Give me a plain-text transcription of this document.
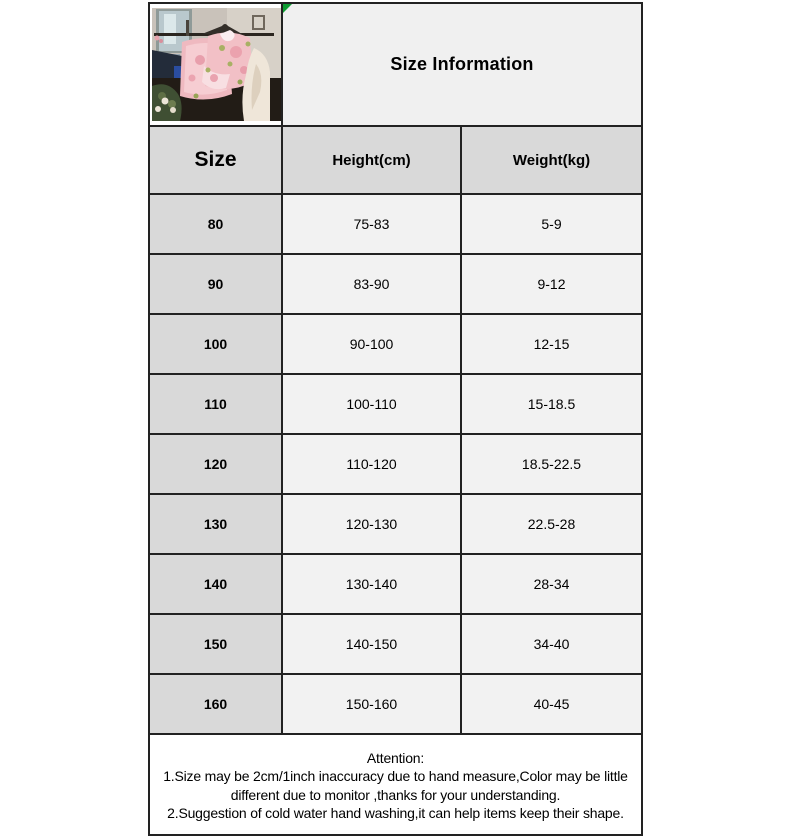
Size Information	
Size	Height(cm)	Weight(kg)
80	75-83	5-9
90	83-90	9-12
100	90-100	12-15
110	100-110	15-18.5
120	110-120	18.5-22.5
130	120-130	22.5-28
140	130-140	28-34
150	140-150	34-40
160	150-160	40-45

Attention:

1.Size may be 2cm/1inch inaccuracy due to hand measure,Color may be little different due to monitor ,thanks for your understanding.

2.Suggestion of cold water hand washing,it can help items keep their shape.		
